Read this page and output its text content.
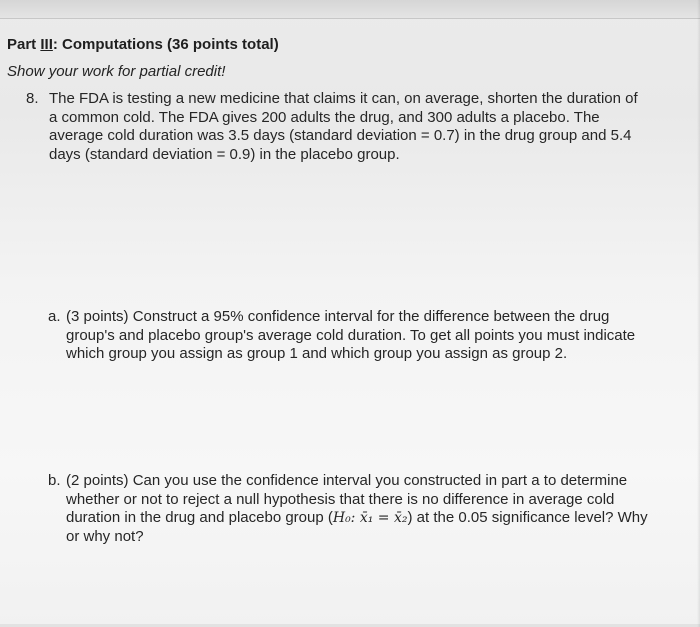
Part III: Computations (36 points total)
Show your work for partial credit!
8. The FDA is testing a new medicine that claims it can, on average, shorten the duration of
a common cold. The FDA gives 200 adults the drug, and 300 adults a placebo. The
average cold duration was 3.5 days (standard deviation = 0.7) in the drug group and 5.4
days (standard deviation = 0.9) in the placebo group.
a. (3 points) Construct a 95% confidence interval for the difference between the drug
group's and placebo group's average cold duration. To get all points you must indicate
which group you assign as group 1 and which group you assign as group 2.
b. (2 points) Can you use the confidence interval you constructed in part a to determine
whether or not to reject a null hypothesis that there is no difference in average cold
duration in the drug and placebo group (H₀: x̄₁ = x̄₂) at the 0.05 significance level? Why
or why not?
